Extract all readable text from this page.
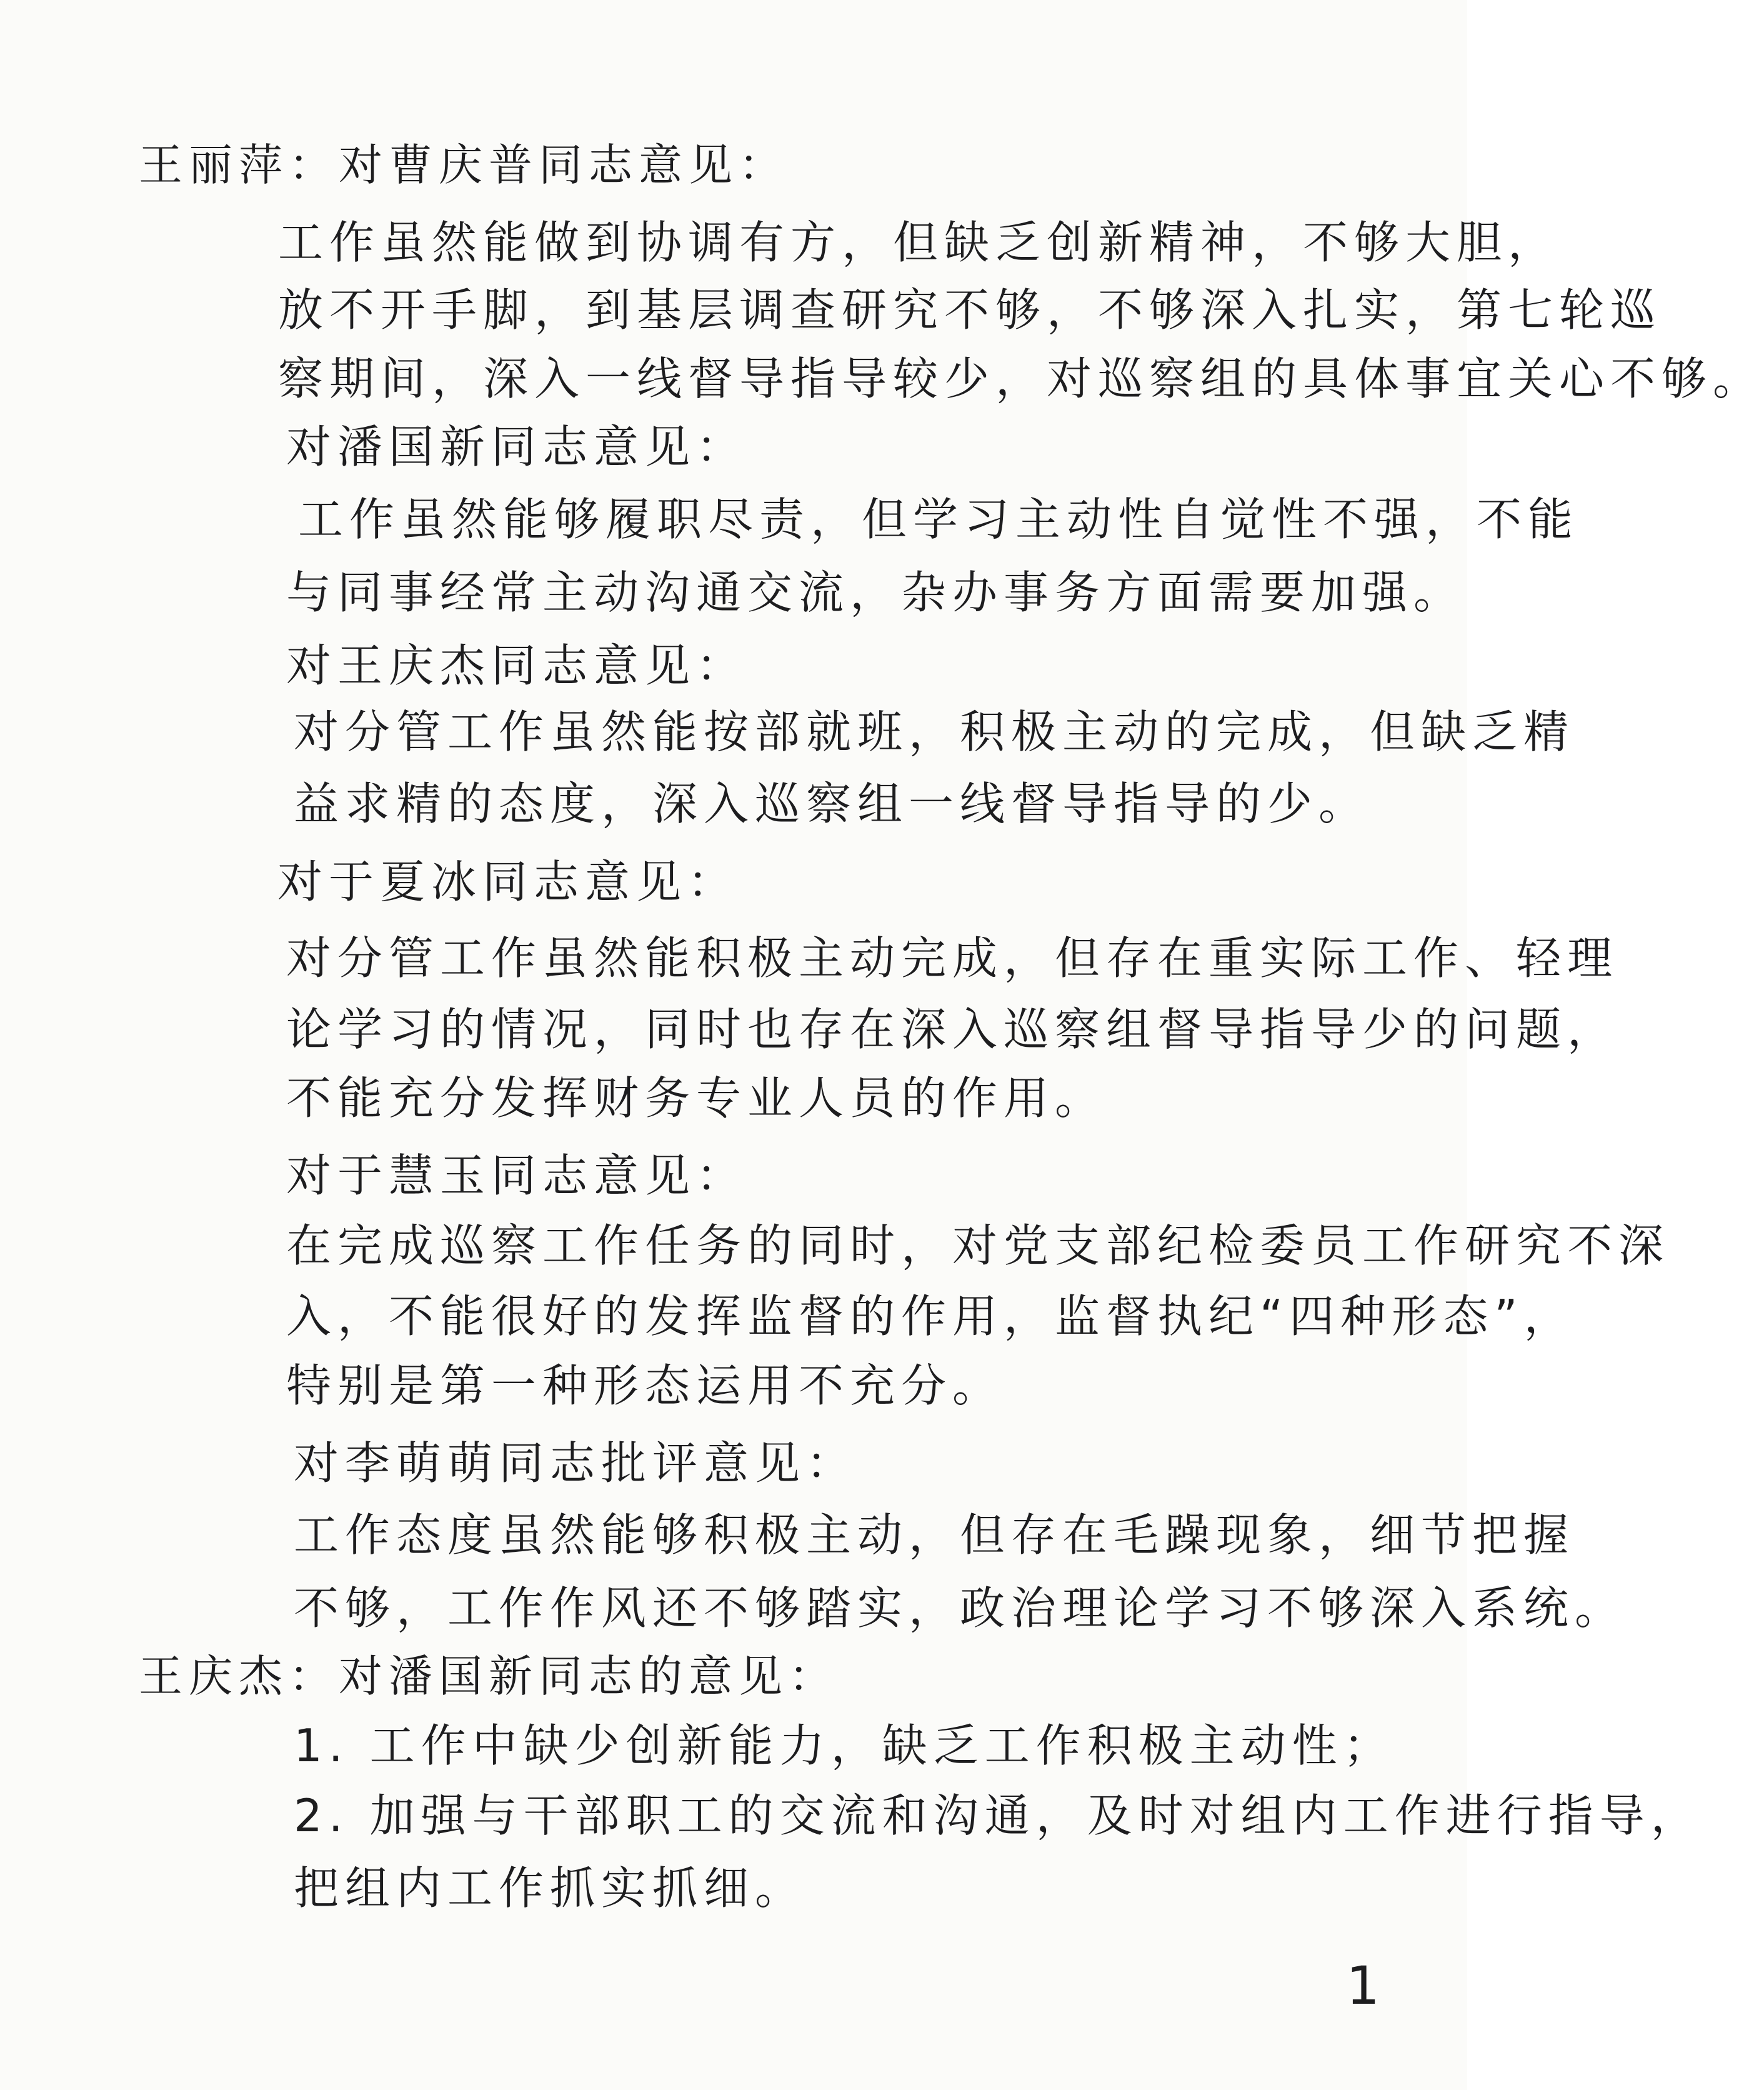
王丽萍：对曹庆普同志意见：
工作虽然能做到协调有方，但缺乏创新精神，不够大胆，
放不开手脚，到基层调查研究不够，不够深入扎实，第七轮巡
察期间，深入一线督导指导较少，对巡察组的具体事宜关心不够。
对潘国新同志意见：
工作虽然能够履职尽责，但学习主动性自觉性不强，不能
与同事经常主动沟通交流，杂办事务方面需要加强。
对王庆杰同志意见：
对分管工作虽然能按部就班，积极主动的完成，但缺乏精
益求精的态度，深入巡察组一线督导指导的少。
对于夏冰同志意见：
对分管工作虽然能积极主动完成，但存在重实际工作、轻理
论学习的情况，同时也存在深入巡察组督导指导少的问题，
不能充分发挥财务专业人员的作用。
对于慧玉同志意见：
在完成巡察工作任务的同时，对党支部纪检委员工作研究不深
入，不能很好的发挥监督的作用，监督执纪“四种形态”，
特别是第一种形态运用不充分。
对李萌萌同志批评意见：
工作态度虽然能够积极主动，但存在毛躁现象，细节把握
不够，工作作风还不够踏实，政治理论学习不够深入系统。
王庆杰：对潘国新同志的意见：
1. 工作中缺少创新能力，缺乏工作积极主动性；
2. 加强与干部职工的交流和沟通，及时对组内工作进行指导，
把组内工作抓实抓细。
1
